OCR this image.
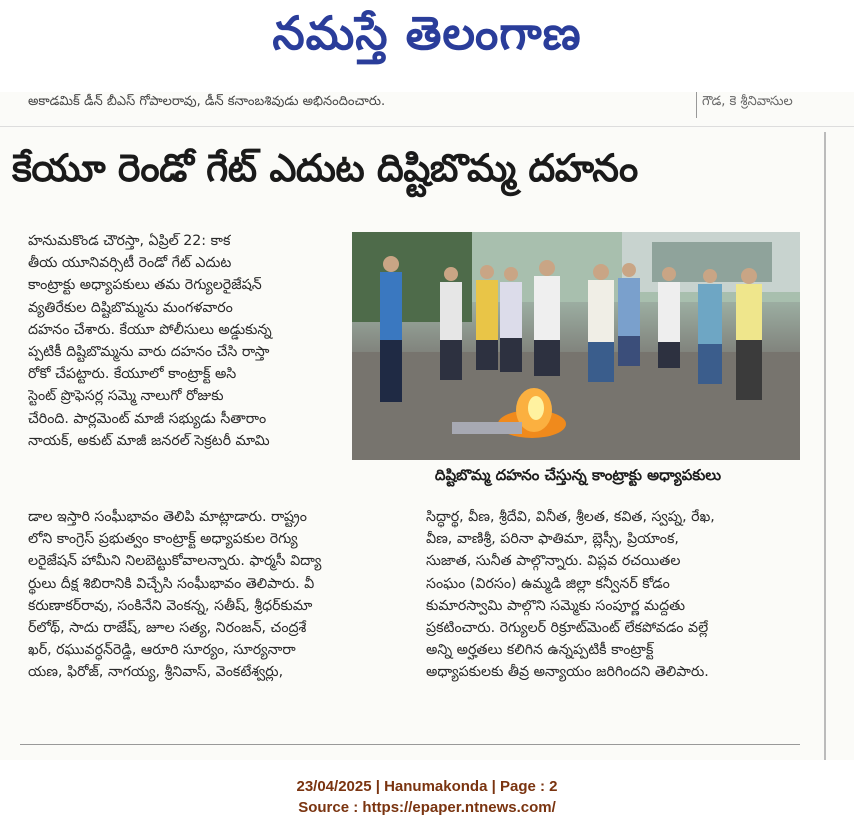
నమస్తే తెలంగాణ
అకాడమిక్ డీన్ బీఎస్ గోపాలరావు, డీన్ కనాంబశివుడు అభినందించారు.	గౌడ, కె శ్రీనివాసుల
కేయూ రెండో గేట్ ఎదుట దిష్టిబొమ్మ దహనం
హనుమకొండ చౌరస్తా, ఏప్రిల్ 22: కాక
తీయ యూనివర్సిటీ రెండో గేట్ ఎదుట
కాంట్రాక్టు అధ్యాపకులు తమ రెగ్యులరైజేషన్
వ్యతిరేకుల దిష్టిబొమ్మను మంగళవారం
దహనం చేశారు. కేయూ పోలీసులు అడ్డుకున్న
ప్పటికీ దిష్టిబొమ్మను వారు దహనం చేసి రాస్తా
రోకో చేపట్టారు. కేయూలో కాంట్రాక్ట్ అసి
స్టెంట్ ప్రొఫెసర్ల సమ్మె నాలుగో రోజుకు
చేరింది. పార్లమెంట్ మాజీ సభ్యుడు సీతారాం
నాయక్, అకుట్ మాజీ జనరల్ సెక్రటరీ మామి
దిష్టిబొమ్మ దహనం చేస్తున్న కాంట్రాక్టు అధ్యాపకులు
డాల ఇస్తారి సంఘీభావం తెలిపి మాట్లాడారు. రాష్ట్రం
లోని కాంగ్రెస్ ప్రభుత్వం కాంట్రాక్ట్ అధ్యాపకుల రెగ్యు
లరైజేషన్ హామీని నిలబెట్టుకోవాలన్నారు. ఫార్మసీ విద్యా
ర్థులు దీక్ష శిబిరానికి విచ్చేసి సంఘీభావం తెలిపారు. వీ
కరుణాకర్‌రావు, సంకినేని వెంకన్న, సతీష్, శ్రీధర్‌కుమా
ర్‌లోథ్, సాదు రాజేష్, జూల సత్య, నిరంజన్, చంద్రశే
ఖర్, రఘువర్ధన్‌రెడ్డి, ఆరూరి సూర్యం, సూర్యనారా
యణ, ఫిరోజ్, నాగయ్య, శ్రీనివాస్, వెంకటేశ్వర్లు,
సిద్ధార్థ, వీణ, శ్రీదేవి, వినీత, శ్రీలత, కవిత, స్వప్న, రేఖ,
వీణ, వాణిశ్రీ, పరినా ఫాతిమా, బ్లెస్సీ, ప్రియాంక,
సుజాత, సునీత పాల్గొన్నారు. విప్లవ రచయితల
సంఘం (విరసం) ఉమ్మడి జిల్లా కన్వీనర్ కోడం
కుమారస్వామి పాల్గొని సమ్మెకు సంపూర్ణ మద్దతు
ప్రకటించారు. రెగ్యులర్ రిక్రూట్‌మెంట్ లేకపోవడం వల్లే
అన్ని అర్హతలు కలిగిన ఉన్నప్పటికీ కాంట్రాక్ట్
అధ్యాపకులకు తీవ్ర అన్యాయం జరిగిందని తెలిపారు.
23/04/2025 | Hanumakonda | Page : 2
Source : https://epaper.ntnews.com/
